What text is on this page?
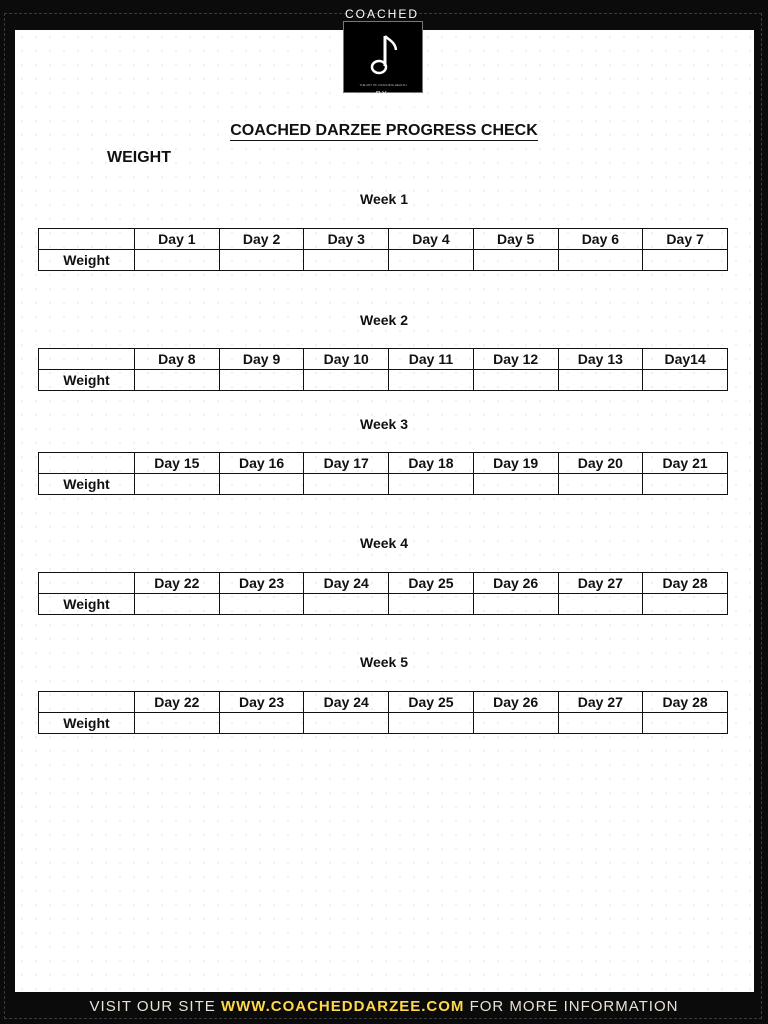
COACHED
THE ART OF COACHING HEALTH
BY
FOODDARZEE
COACHED DARZEE PROGRESS CHECK
WEIGHT
Week 1
	Day 1	Day 2	Day 3	Day 4	Day 5	Day 6	Day 7
Weight							
Week 2
	Day 8	Day 9	Day 10	Day 11	Day 12	Day 13	Day14
Weight							
Week 3
	Day 15	Day 16	Day 17	Day 18	Day 19	Day 20	Day 21
Weight							
Week 4
	Day 22	Day 23	Day 24	Day 25	Day 26	Day 27	Day 28
Weight							
Week 5
	Day 22	Day 23	Day 24	Day 25	Day 26	Day 27	Day 28
Weight							
VISIT OUR SITE WWW.COACHEDDARZEE.COM FOR MORE INFORMATION
